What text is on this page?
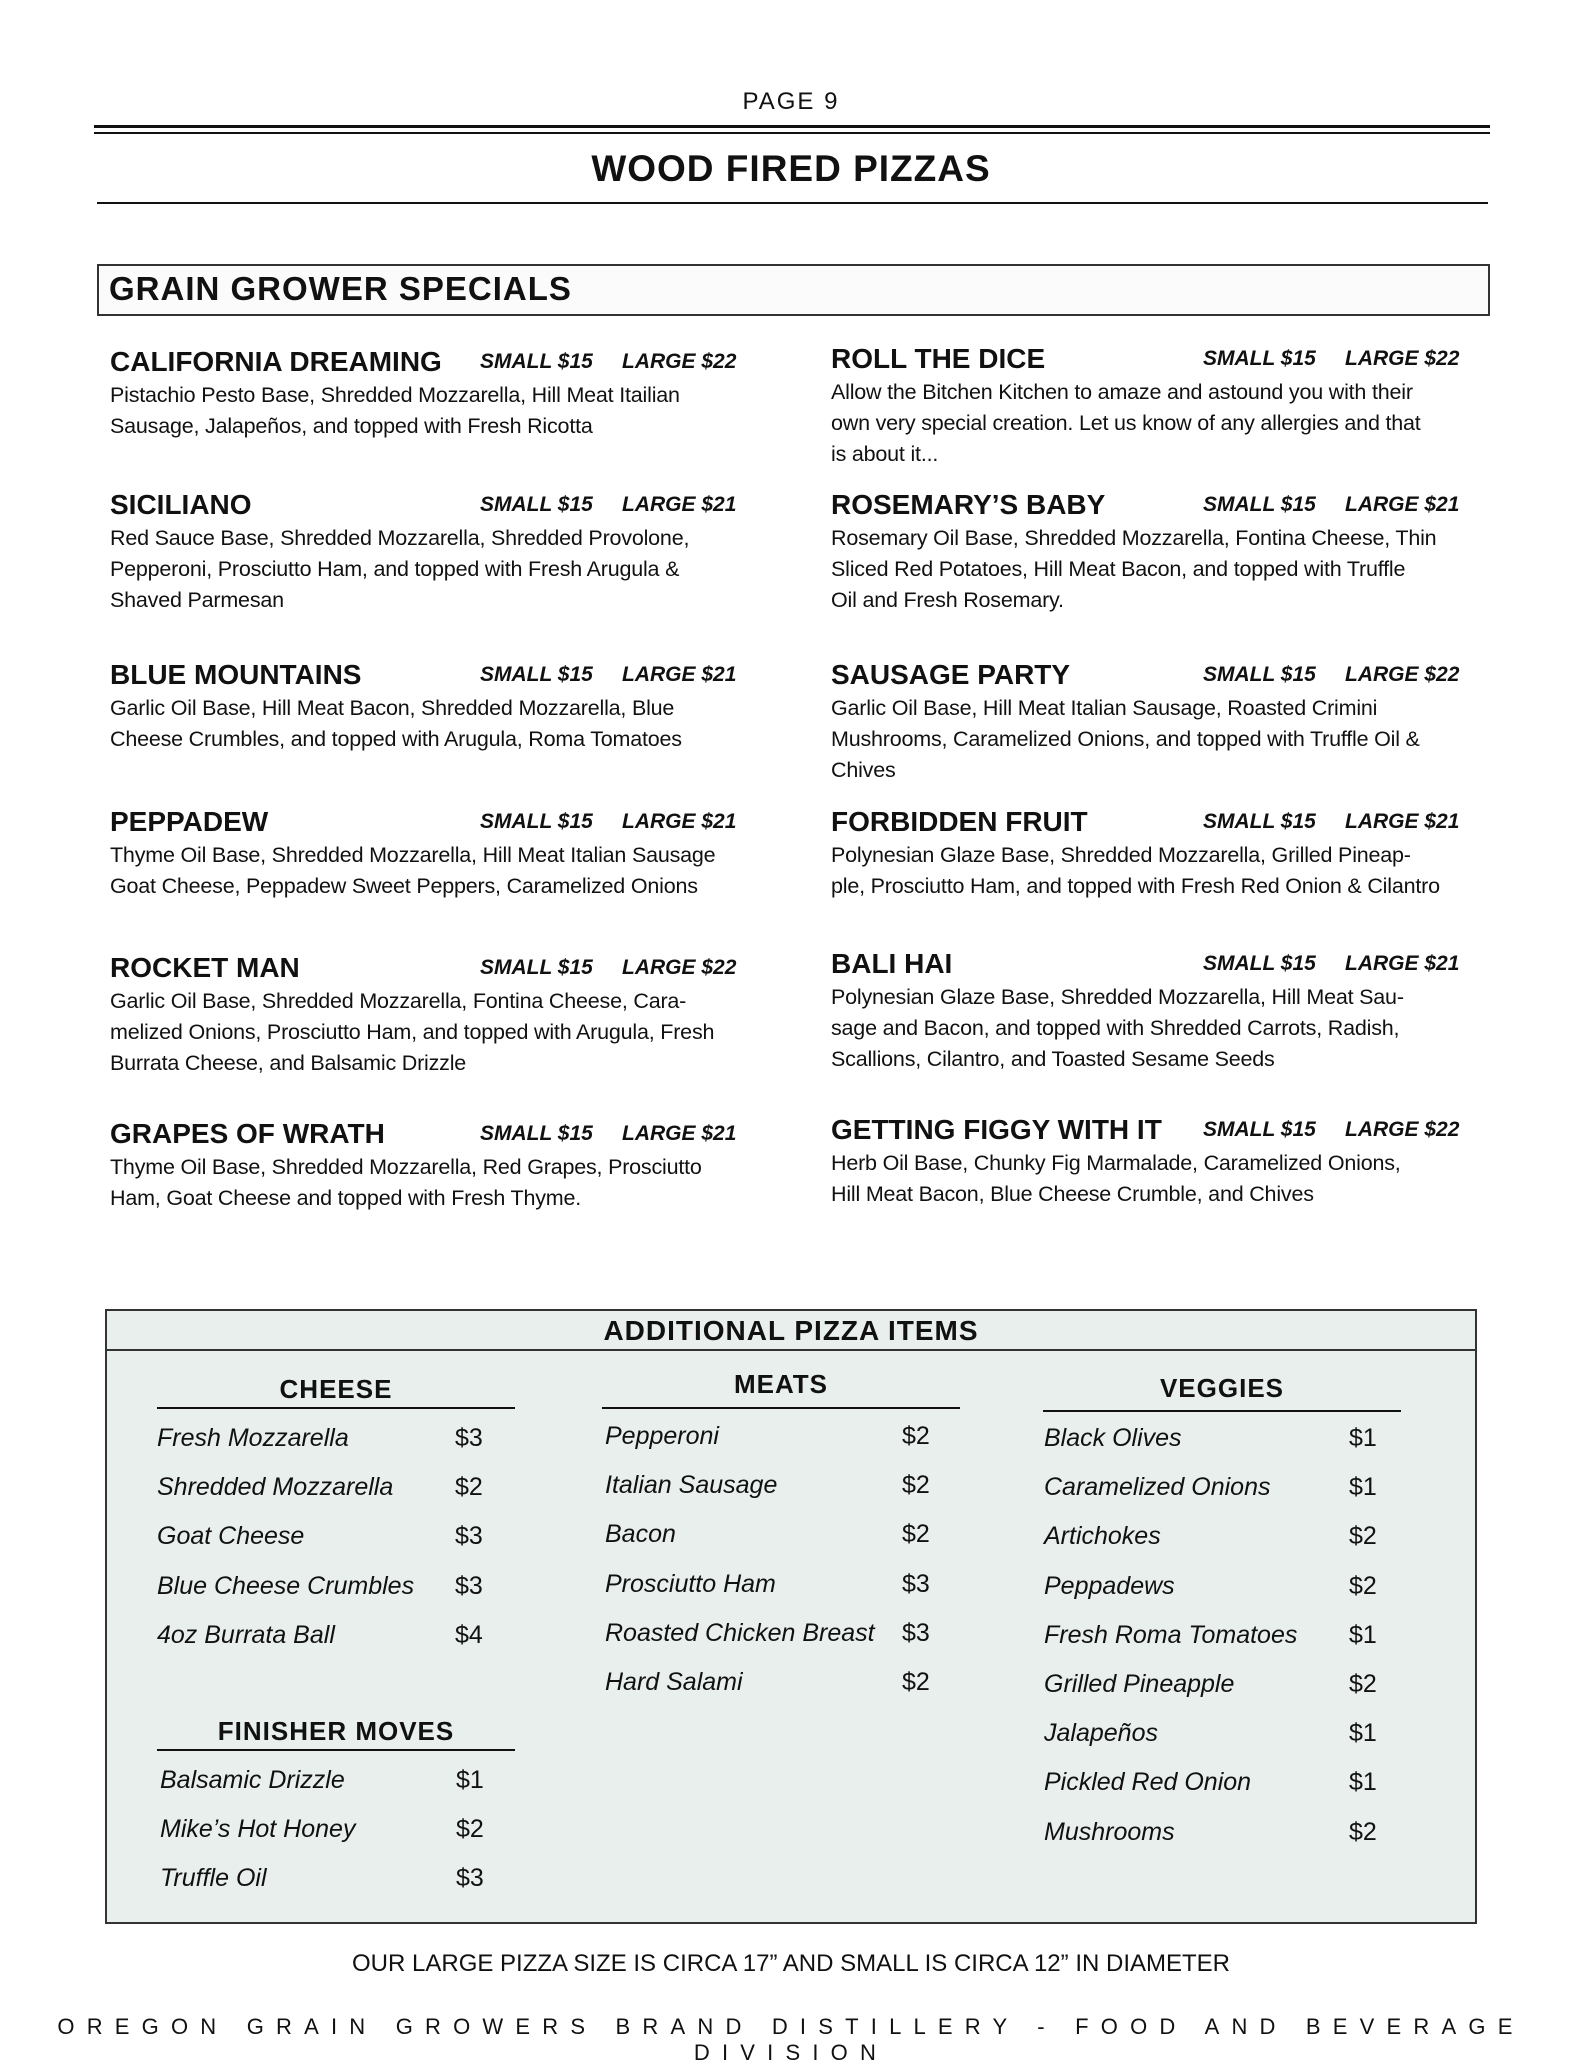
PAGE 9
WOOD FIRED PIZZAS
GRAIN GROWER SPECIALS
CALIFORNIA DREAMING SMALL $15 LARGE $22
Pistachio Pesto Base, Shredded Mozzarella, Hill Meat Itailian
Sausage, Jalapeños, and topped with Fresh Ricotta
SICILIANO	SMALL $15 LARGE $21
Red Sauce Base, Shredded Mozzarella, Shredded Provolone,
Pepperoni, Prosciutto Ham, and topped with Fresh Arugula &
Shaved Parmesan
BLUE MOUNTAINS	SMALL $15 LARGE $21
Garlic Oil Base, Hill Meat Bacon, Shredded Mozzarella, Blue
Cheese Crumbles, and topped with Arugula, Roma Tomatoes
PEPPADEW	SMALL $15 LARGE $21
Thyme Oil Base, Shredded Mozzarella, Hill Meat Italian Sausage
Goat Cheese, Peppadew Sweet Peppers, Caramelized Onions
ROCKET MAN	SMALL $15 LARGE $22
Garlic Oil Base, Shredded Mozzarella, Fontina Cheese, Cara-
melized Onions, Prosciutto Ham, and topped with Arugula, Fresh
Burrata Cheese, and Balsamic Drizzle
GRAPES OF WRATH	SMALL $15 LARGE $21
Thyme Oil Base, Shredded Mozzarella, Red Grapes, Prosciutto
Ham, Goat Cheese and topped with Fresh Thyme.
ROLL THE DICE	SMALL $15 LARGE $22
Allow the Bitchen Kitchen to amaze and astound you with their
own very special creation. Let us know of any allergies and that
is about it...
ROSEMARY’S BABY	SMALL $15 LARGE $21
Rosemary Oil Base, Shredded Mozzarella, Fontina Cheese, Thin
Sliced Red Potatoes, Hill Meat Bacon, and topped with Truffle
Oil and Fresh Rosemary.
SAUSAGE PARTY	SMALL $15 LARGE $22
Garlic Oil Base, Hill Meat Italian Sausage, Roasted Crimini
Mushrooms, Caramelized Onions, and topped with Truffle Oil &
Chives
FORBIDDEN FRUIT	SMALL $15 LARGE $21
Polynesian Glaze Base, Shredded Mozzarella, Grilled Pineap-
ple, Prosciutto Ham, and topped with Fresh Red Onion & Cilantro
BALI HAI	SMALL $15 LARGE $21
Polynesian Glaze Base, Shredded Mozzarella, Hill Meat Sau-
sage and Bacon, and topped with Shredded Carrots, Radish,
Scallions, Cilantro, and Toasted Sesame Seeds
GETTING FIGGY WITH IT SMALL $15 LARGE $22
Herb Oil Base, Chunky Fig Marmalade, Caramelized Onions,
Hill Meat Bacon, Blue Cheese Crumble, and Chives
ADDITIONAL PIZZA ITEMS
CHEESE
Fresh Mozzarella	$3
Shredded Mozzarella $2
Goat Cheese	$3
Blue Cheese Crumbles $3
4oz Burrata Ball	$4
MEATS
Pepperoni	$2
Italian Sausage	$2
Bacon	$2
Prosciutto Ham	$3
Roasted Chicken Breast $3
Hard Salami	$2
VEGGIES
Black Olives	$1
Caramelized Onions	$1
Artichokes	$2
Peppadews	$2
Fresh Roma Tomatoes $1
Grilled Pineapple	$2
Jalapeños	$1
Pickled Red Onion	$1
Mushrooms	$2
FINISHER MOVES
Balsamic Drizzle	$1
Mike’s Hot Honey	$2
Truffle Oil	$3
OUR LARGE PIZZA SIZE IS CIRCA 17” AND SMALL IS CIRCA 12” IN DIAMETER
OREGON GRAIN GROWERS BRAND DISTILLERY - FOOD AND BEVERAGE DIVISION
